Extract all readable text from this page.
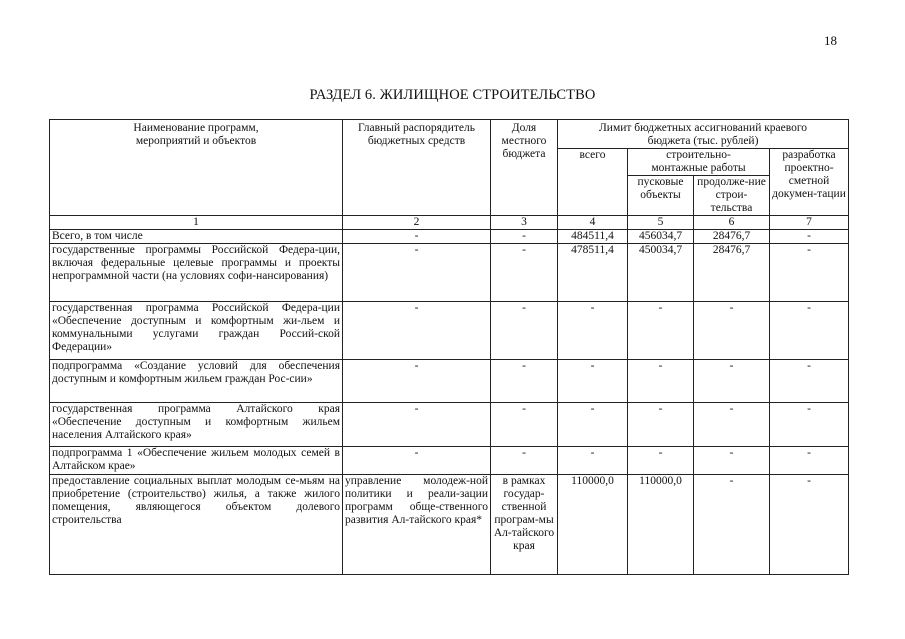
18
РАЗДЕЛ 6. ЖИЛИЩНОЕ СТРОИТЕЛЬСТВО
Наименование программ, мероприятий и объектов	Главный распорядитель бюджетных средств	Доля местного бюджета	Лимит бюджетных ассигнований краевого бюджета (тыс. рублей)			
			всего	строительно-монтажные работы		разработка проектно-сметной докумен-тации
				пусковые объекты	продолже-ние строи-тельства	
1	2	3	4	5	6	7
Всего, в том числе	-	-	484511,4	456034,7	28476,7	-
государственные программы Российской Федера-ции, включая федеральные целевые программы и проекты непрограммной части (на условиях софи-нансирования)	-	-	478511,4	450034,7	28476,7	-
государственная программа Российской Федера-ции «Обеспечение доступным и комфортным жи-льем и коммунальными услугами граждан Россий-ской Федерации»	-	-	-	-	-	-
подпрограмма «Создание условий для обеспечения доступным и комфортным жильем граждан Рос-сии»	-	-	-	-	-	-
государственная программа Алтайского края «Обеспечение доступным и комфортным жильем населения Алтайского края»	-	-	-	-	-	-
подпрограмма 1 «Обеспечение жильем молодых семей в Алтайском крае»	-	-	-	-	-	-
предоставление социальных выплат молодым се-мьям на приобретение (строительство) жилья, а также жилого помещения, являющегося объектом долевого строительства	управление молодеж-ной политики и реали-зации программ обще-ственного развития Ал-тайского края*	в рамках государ-ственной програм-мы Ал-тайского края	110000,0	110000,0	-	-
